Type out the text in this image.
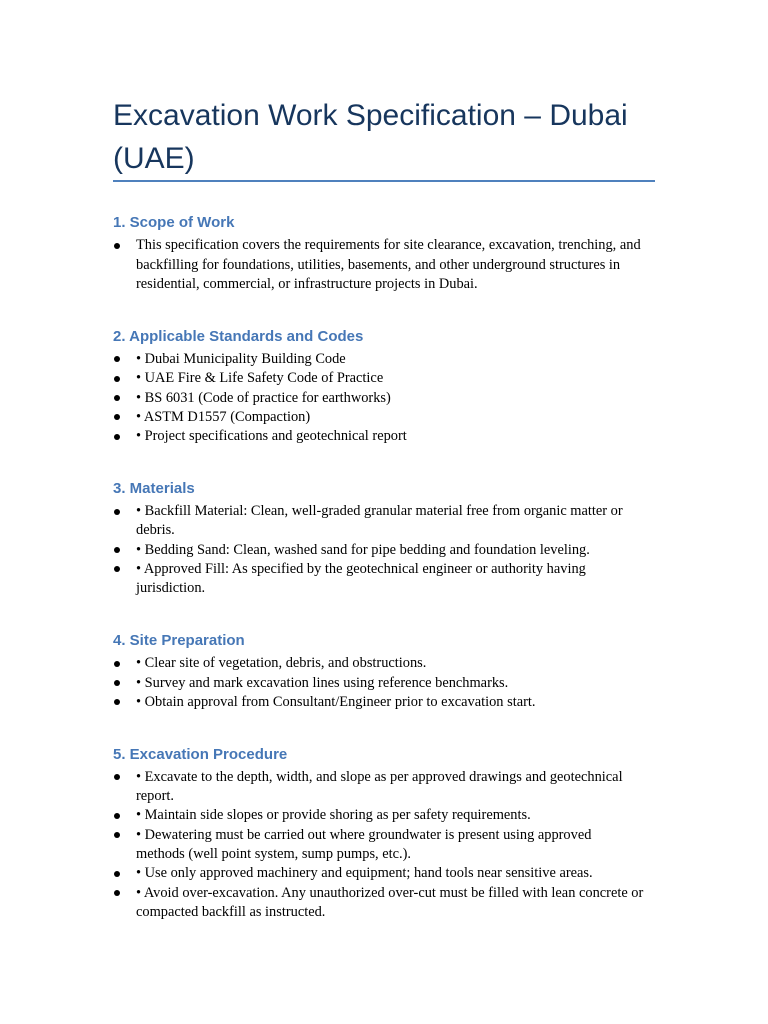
Excavation Work Specification – Dubai (UAE)
1. Scope of Work
This specification covers the requirements for site clearance, excavation, trenching, and backfilling for foundations, utilities, basements, and other underground structures in residential, commercial, or infrastructure projects in Dubai.
2. Applicable Standards and Codes
• Dubai Municipality Building Code
• UAE Fire & Life Safety Code of Practice
• BS 6031 (Code of practice for earthworks)
• ASTM D1557 (Compaction)
• Project specifications and geotechnical report
3. Materials
• Backfill Material: Clean, well-graded granular material free from organic matter or debris.
• Bedding Sand: Clean, washed sand for pipe bedding and foundation leveling.
• Approved Fill: As specified by the geotechnical engineer or authority having jurisdiction.
4. Site Preparation
• Clear site of vegetation, debris, and obstructions.
• Survey and mark excavation lines using reference benchmarks.
• Obtain approval from Consultant/Engineer prior to excavation start.
5. Excavation Procedure
• Excavate to the depth, width, and slope as per approved drawings and geotechnical report.
• Maintain side slopes or provide shoring as per safety requirements.
• Dewatering must be carried out where groundwater is present using approved methods (well point system, sump pumps, etc.).
• Use only approved machinery and equipment; hand tools near sensitive areas.
• Avoid over-excavation. Any unauthorized over-cut must be filled with lean concrete or compacted backfill as instructed.
